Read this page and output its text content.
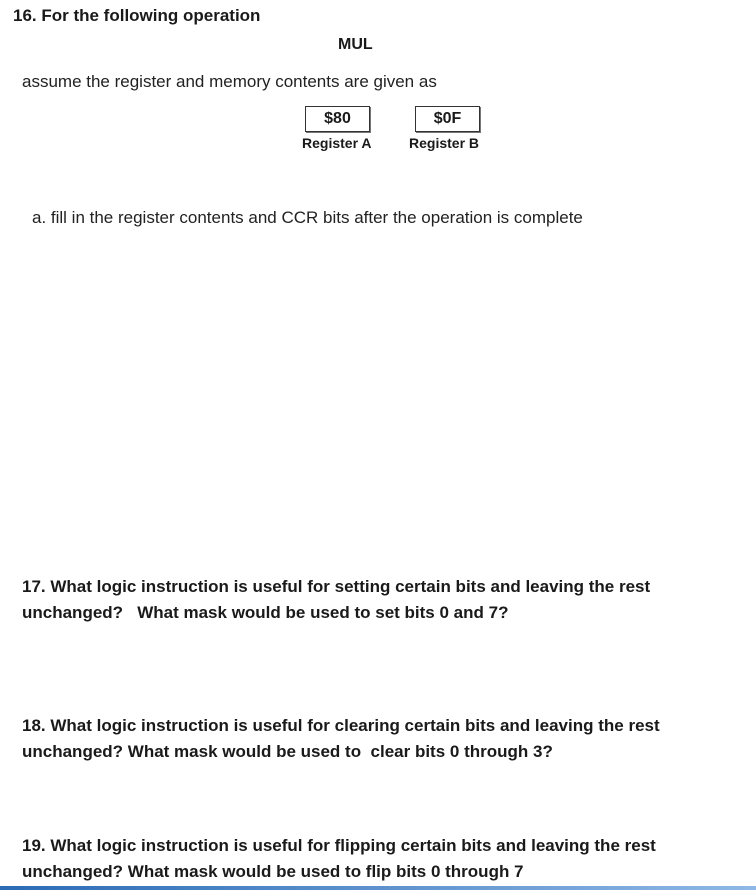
16. For the following operation
MUL
assume the register and memory contents are given as
$80	$0F
Register A	Register B
a. fill in the register contents and CCR bits after the operation is complete
17. What logic instruction is useful for setting certain bits and leaving the rest
unchanged?   What mask would be used to set bits 0 and 7?
18. What logic instruction is useful for clearing certain bits and leaving the rest
unchanged? What mask would be used to  clear bits 0 through 3?
19. What logic instruction is useful for flipping certain bits and leaving the rest
unchanged? What mask would be used to flip bits 0 through 7
